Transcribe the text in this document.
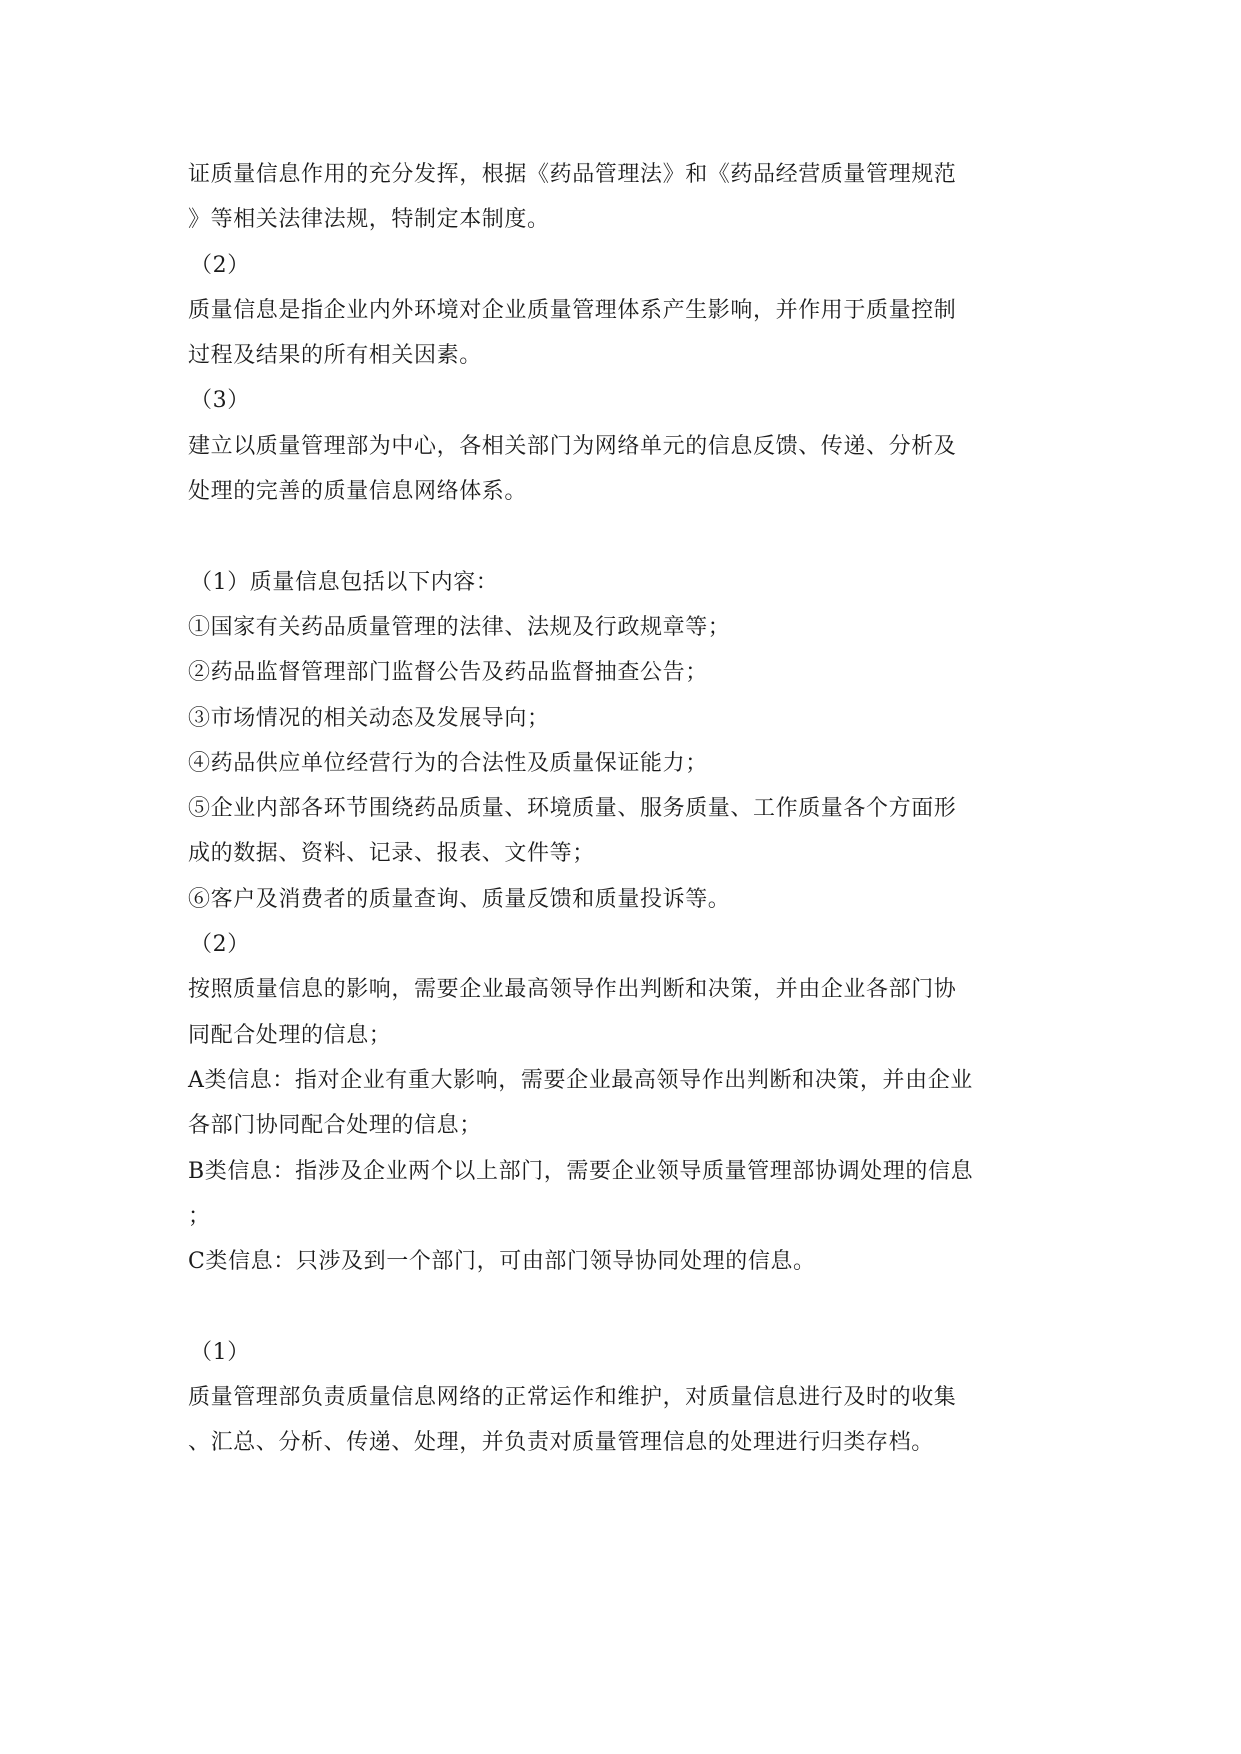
证质量信息作用的充分发挥，根据《药品管理法》和《药品经营质量管理规范
》等相关法律法规，特制定本制度。
（2）
质量信息是指企业内外环境对企业质量管理体系产生影响，并作用于质量控制
过程及结果的所有相关因素。
（3）
建立以质量管理部为中心，各相关部门为网络单元的信息反馈、传递、分析及
处理的完善的质量信息网络体系。
（1）质量信息包括以下内容：
①国家有关药品质量管理的法律、法规及行政规章等；
②药品监督管理部门监督公告及药品监督抽查公告；
③市场情况的相关动态及发展导向；
④药品供应单位经营行为的合法性及质量保证能力；
⑤企业内部各环节围绕药品质量、环境质量、服务质量、工作质量各个方面形
成的数据、资料、记录、报表、文件等；
⑥客户及消费者的质量查询、质量反馈和质量投诉等。
（2）
按照质量信息的影响，需要企业最高领导作出判断和决策，并由企业各部门协
同配合处理的信息；
A类信息：指对企业有重大影响，需要企业最高领导作出判断和决策，并由企业
各部门协同配合处理的信息；
B类信息：指涉及企业两个以上部门，需要企业领导质量管理部协调处理的信息
；
C类信息：只涉及到一个部门，可由部门领导协同处理的信息。
（1）
质量管理部负责质量信息网络的正常运作和维护，对质量信息进行及时的收集
、汇总、分析、传递、处理，并负责对质量管理信息的处理进行归类存档。
